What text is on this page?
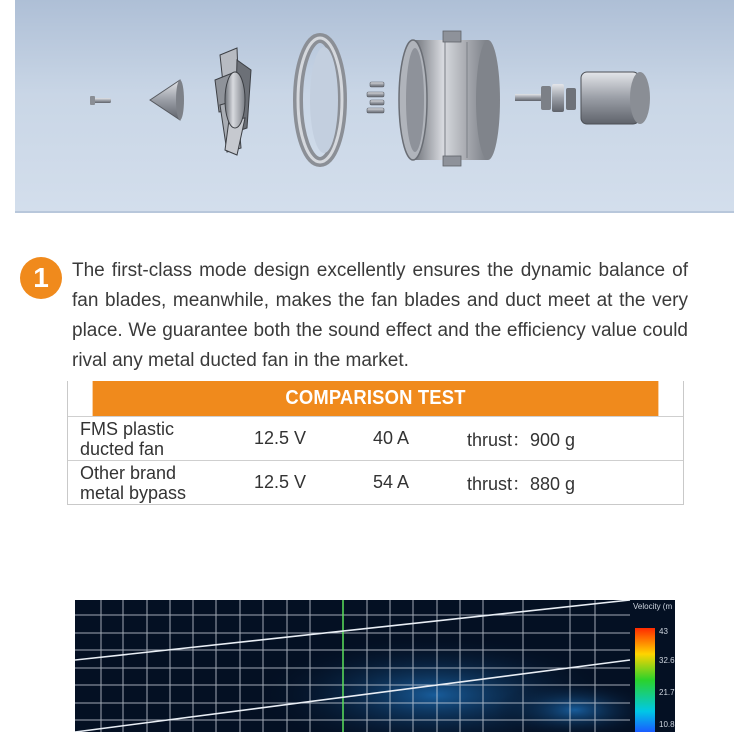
1	The first-class mode design excellently ensures the dynamic balance of fan blades, meanwhile, makes the fan blades and duct meet at the very place. We guarantee both the sound effect and the efficiency value could rival any metal ducted fan in the market.

COMPARISON TEST
FMS plastic
ducted fan
12.5 V	40 A	thrust：900 g
Other brand
metal bypass
12.5 V	54 A	thrust：880 g
Velocity (m
43
32.6
21.7
10.8
